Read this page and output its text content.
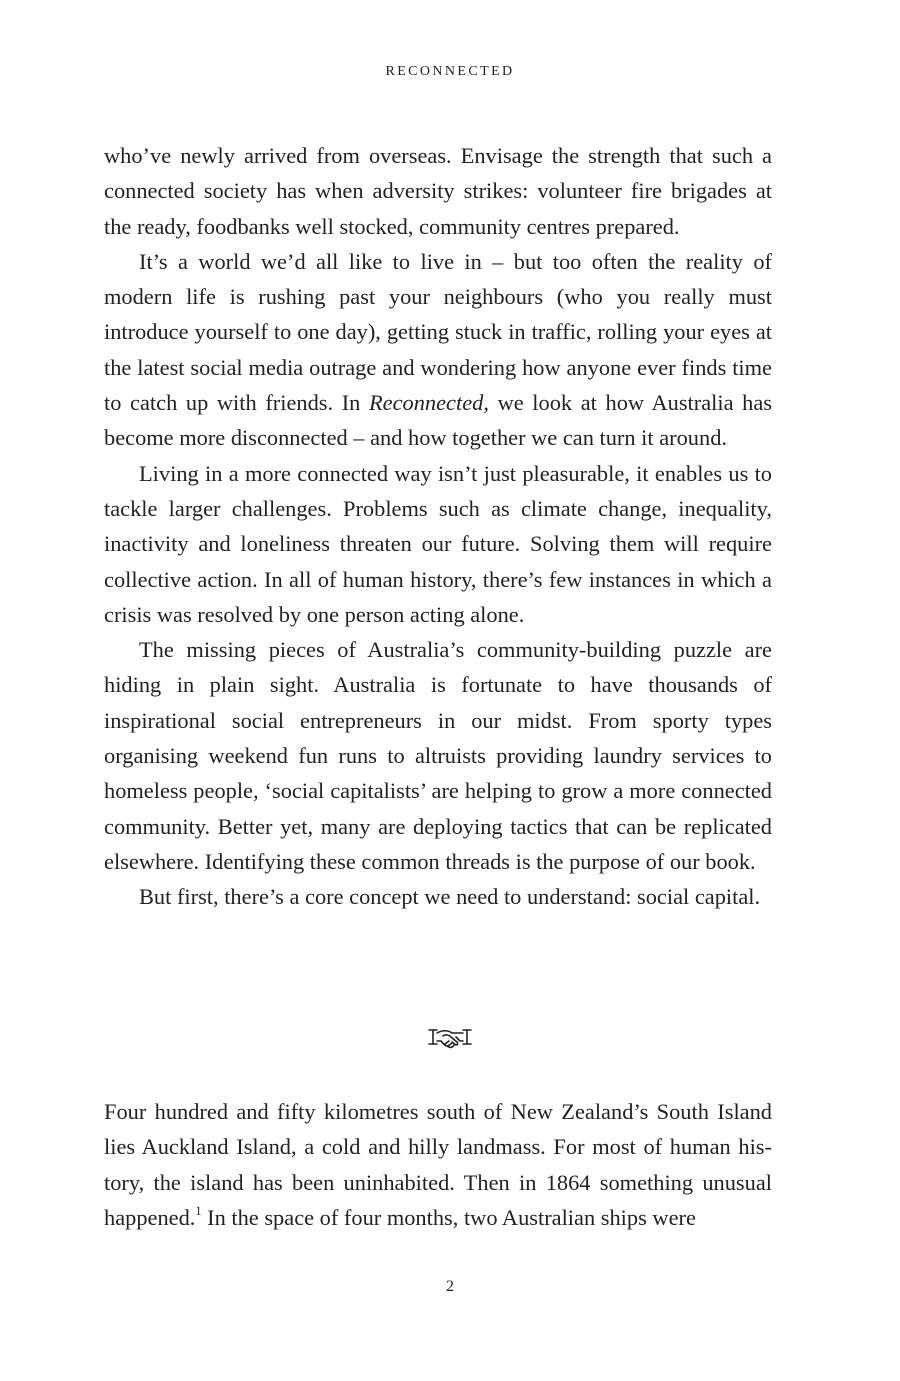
RECONNECTED

who’ve newly arrived from overseas. Envisage the strength that such a connected society has when adversity strikes: volunteer fire brigades at the ready, foodbanks well stocked, community centres prepared.

It’s a world we’d all like to live in – but too often the reality of modern life is rushing past your neighbours (who you really must introduce yourself to one day), getting stuck in traffic, rolling your eyes at the latest social media outrage and wondering how anyone ever finds time to catch up with friends. In Reconnected, we look at how Australia has become more disconnected – and how together we can turn it around.

Living in a more connected way isn’t just pleasurable, it enables us to tackle larger challenges. Problems such as climate change, inequality, inactivity and loneliness threaten our future. Solving them will require collective action. In all of human history, there’s few instances in which a crisis was resolved by one person acting alone.

The missing pieces of Australia’s community-building puzzle are hiding in plain sight. Australia is fortunate to have thousands of inspirational social entrepreneurs in our midst. From sporty types organising weekend fun runs to altruists providing laundry services to homeless people, ‘social capitalists’ are helping to grow a more connected community. Better yet, many are deploying tactics that can be replicated elsewhere. Identifying these common threads is the purpose of our book.

But first, there’s a core concept we need to understand: social capital.

Four hundred and fifty kilometres south of New Zealand’s South Island lies Auckland Island, a cold and hilly landmass. For most of human history, the island has been uninhabited. Then in 1864 something unusual happened.$^1$ In the space of four months, two Australian ships were

2
